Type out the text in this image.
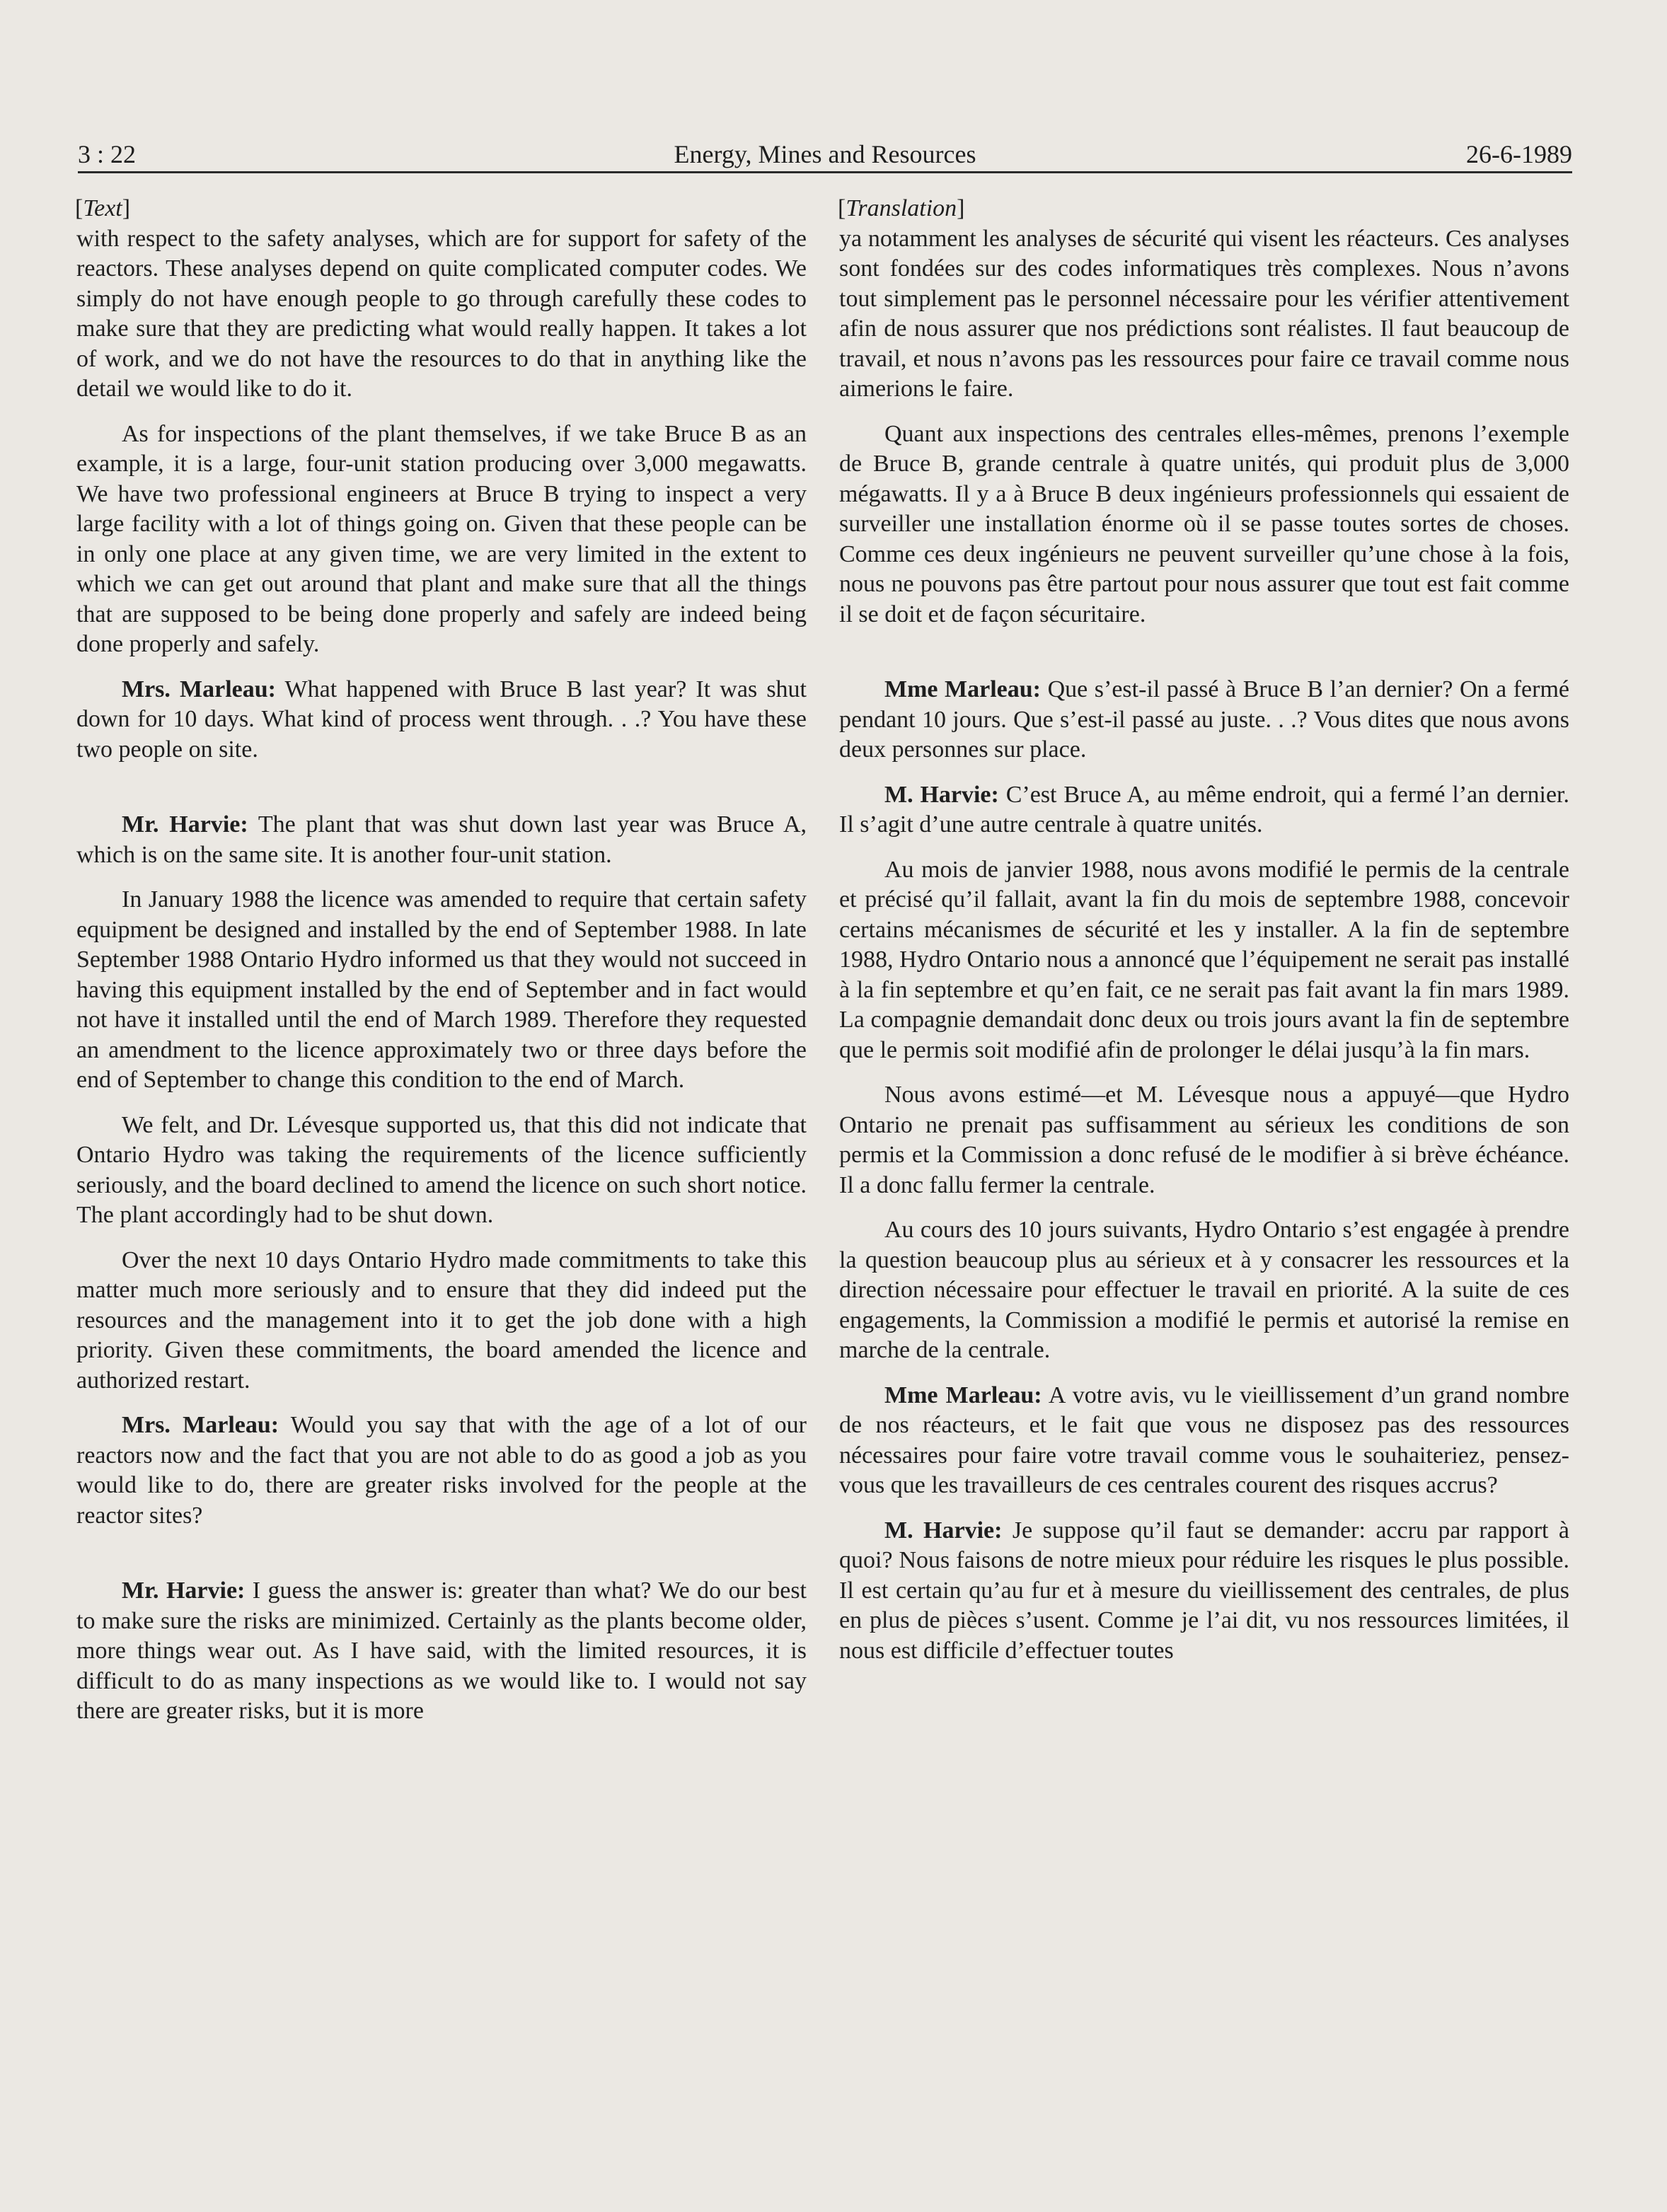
3 : 22	Energy, Mines and Resources	26-6-1989
[Text]

with respect to the safety analyses, which are for support for safety of the reactors. These analyses depend on quite complicated computer codes. We simply do not have enough people to go through carefully these codes to make sure that they are predicting what would really happen. It takes a lot of work, and we do not have the resources to do that in anything like the detail we would like to do it.

As for inspections of the plant themselves, if we take Bruce B as an example, it is a large, four-unit station producing over 3,000 megawatts. We have two professional engineers at Bruce B trying to inspect a very large facility with a lot of things going on. Given that these people can be in only one place at any given time, we are very limited in the extent to which we can get out around that plant and make sure that all the things that are supposed to be being done properly and safely are indeed being done properly and safely.

Mrs. Marleau: What happened with Bruce B last year? It was shut down for 10 days. What kind of process went through. . .? You have these two people on site.

Mr. Harvie: The plant that was shut down last year was Bruce A, which is on the same site. It is another four-unit station.

In January 1988 the licence was amended to require that certain safety equipment be designed and installed by the end of September 1988. In late September 1988 Ontario Hydro informed us that they would not succeed in having this equipment installed by the end of September and in fact would not have it installed until the end of March 1989. Therefore they requested an amendment to the licence approximately two or three days before the end of September to change this condition to the end of March.

We felt, and Dr. Lévesque supported us, that this did not indicate that Ontario Hydro was taking the requirements of the licence sufficiently seriously, and the board declined to amend the licence on such short notice. The plant accordingly had to be shut down.

Over the next 10 days Ontario Hydro made commitments to take this matter much more seriously and to ensure that they did indeed put the resources and the management into it to get the job done with a high priority. Given these commitments, the board amended the licence and authorized restart.

Mrs. Marleau: Would you say that with the age of a lot of our reactors now and the fact that you are not able to do as good a job as you would like to do, there are greater risks involved for the people at the reactor sites?

Mr. Harvie: I guess the answer is: greater than what? We do our best to make sure the risks are minimized. Certainly as the plants become older, more things wear out. As I have said, with the limited resources, it is difficult to do as many inspections as we would like to. I would not say there are greater risks, but it is more

[Translation]

ya notamment les analyses de sécurité qui visent les réacteurs. Ces analyses sont fondées sur des codes informatiques très complexes. Nous n’avons tout simplement pas le personnel nécessaire pour les vérifier attentivement afin de nous assurer que nos prédictions sont réalistes. Il faut beaucoup de travail, et nous n’avons pas les ressources pour faire ce travail comme nous aimerions le faire.

Quant aux inspections des centrales elles-mêmes, prenons l’exemple de Bruce B, grande centrale à quatre unités, qui produit plus de 3,000 mégawatts. Il y a à Bruce B deux ingénieurs professionnels qui essaient de surveiller une installation énorme où il se passe toutes sortes de choses. Comme ces deux ingénieurs ne peuvent surveiller qu’une chose à la fois, nous ne pouvons pas être partout pour nous assurer que tout est fait comme il se doit et de façon sécuritaire.

Mme Marleau: Que s’est-il passé à Bruce B l’an dernier? On a fermé pendant 10 jours. Que s’est-il passé au juste. . .? Vous dites que nous avons deux personnes sur place.

M. Harvie: C’est Bruce A, au même endroit, qui a fermé l’an dernier. Il s’agit d’une autre centrale à quatre unités.

Au mois de janvier 1988, nous avons modifié le permis de la centrale et précisé qu’il fallait, avant la fin du mois de septembre 1988, concevoir certains mécanismes de sécurité et les y installer. A la fin de septembre 1988, Hydro Ontario nous a annoncé que l’équipement ne serait pas installé à la fin septembre et qu’en fait, ce ne serait pas fait avant la fin mars 1989. La compagnie demandait donc deux ou trois jours avant la fin de septembre que le permis soit modifié afin de prolonger le délai jusqu’à la fin mars.

Nous avons estimé—et M. Lévesque nous a appuyé—que Hydro Ontario ne prenait pas suffisamment au sérieux les conditions de son permis et la Commission a donc refusé de le modifier à si brève échéance. Il a donc fallu fermer la centrale.

Au cours des 10 jours suivants, Hydro Ontario s’est engagée à prendre la question beaucoup plus au sérieux et à y consacrer les ressources et la direction nécessaire pour effectuer le travail en priorité. A la suite de ces engagements, la Commission a modifié le permis et autorisé la remise en marche de la centrale.

Mme Marleau: A votre avis, vu le vieillissement d’un grand nombre de nos réacteurs, et le fait que vous ne disposez pas des ressources nécessaires pour faire votre travail comme vous le souhaiteriez, pensez-vous que les travailleurs de ces centrales courent des risques accrus?

M. Harvie: Je suppose qu’il faut se demander: accru par rapport à quoi? Nous faisons de notre mieux pour réduire les risques le plus possible. Il est certain qu’au fur et à mesure du vieillissement des centrales, de plus en plus de pièces s’usent. Comme je l’ai dit, vu nos ressources limitées, il nous est difficile d’effectuer toutes
